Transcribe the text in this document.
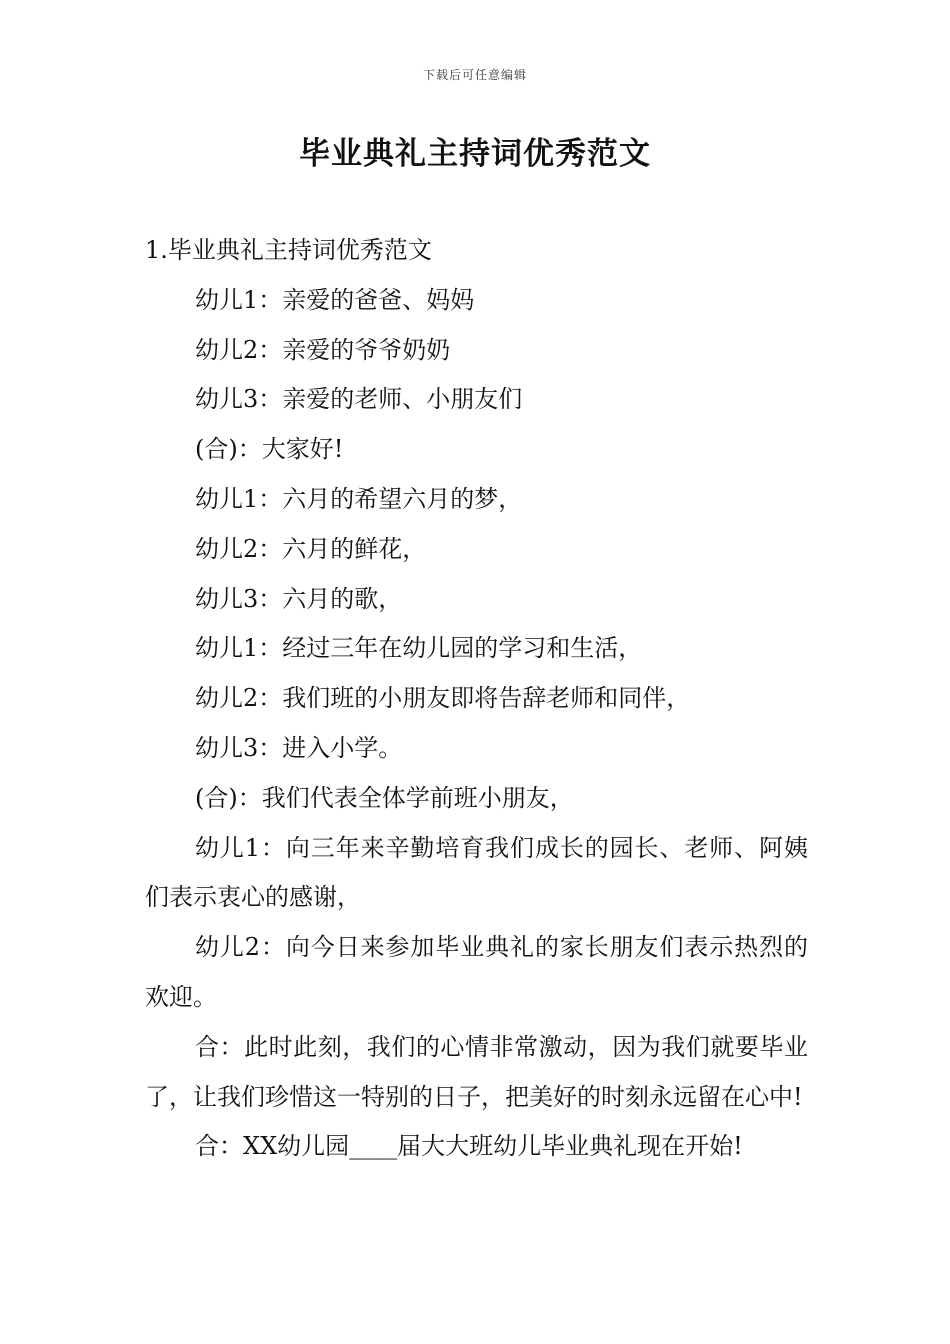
下载后可任意编辑
毕业典礼主持词优秀范文

1.毕业典礼主持词优秀范文

幼儿1：亲爱的爸爸、妈妈

幼儿2：亲爱的爷爷奶奶

幼儿3：亲爱的老师、小朋友们

(合)：大家好!

幼儿1：六月的希望六月的梦，

幼儿2：六月的鲜花，

幼儿3：六月的歌，

幼儿1：经过三年在幼儿园的学习和生活，

幼儿2：我们班的小朋友即将告辞老师和同伴，

幼儿3：进入小学。

(合)：我们代表全体学前班小朋友，

幼儿1：向三年来辛勤培育我们成长的园长、老师、阿姨们表示衷心的感谢，

幼儿2：向今日来参加毕业典礼的家长朋友们表示热烈的欢迎。

合：此时此刻，我们的心情非常激动，因为我们就要毕业了，让我们珍惜这一特别的日子，把美好的时刻永远留在心中!

合：XX幼儿园____届大大班幼儿毕业典礼现在开始!
